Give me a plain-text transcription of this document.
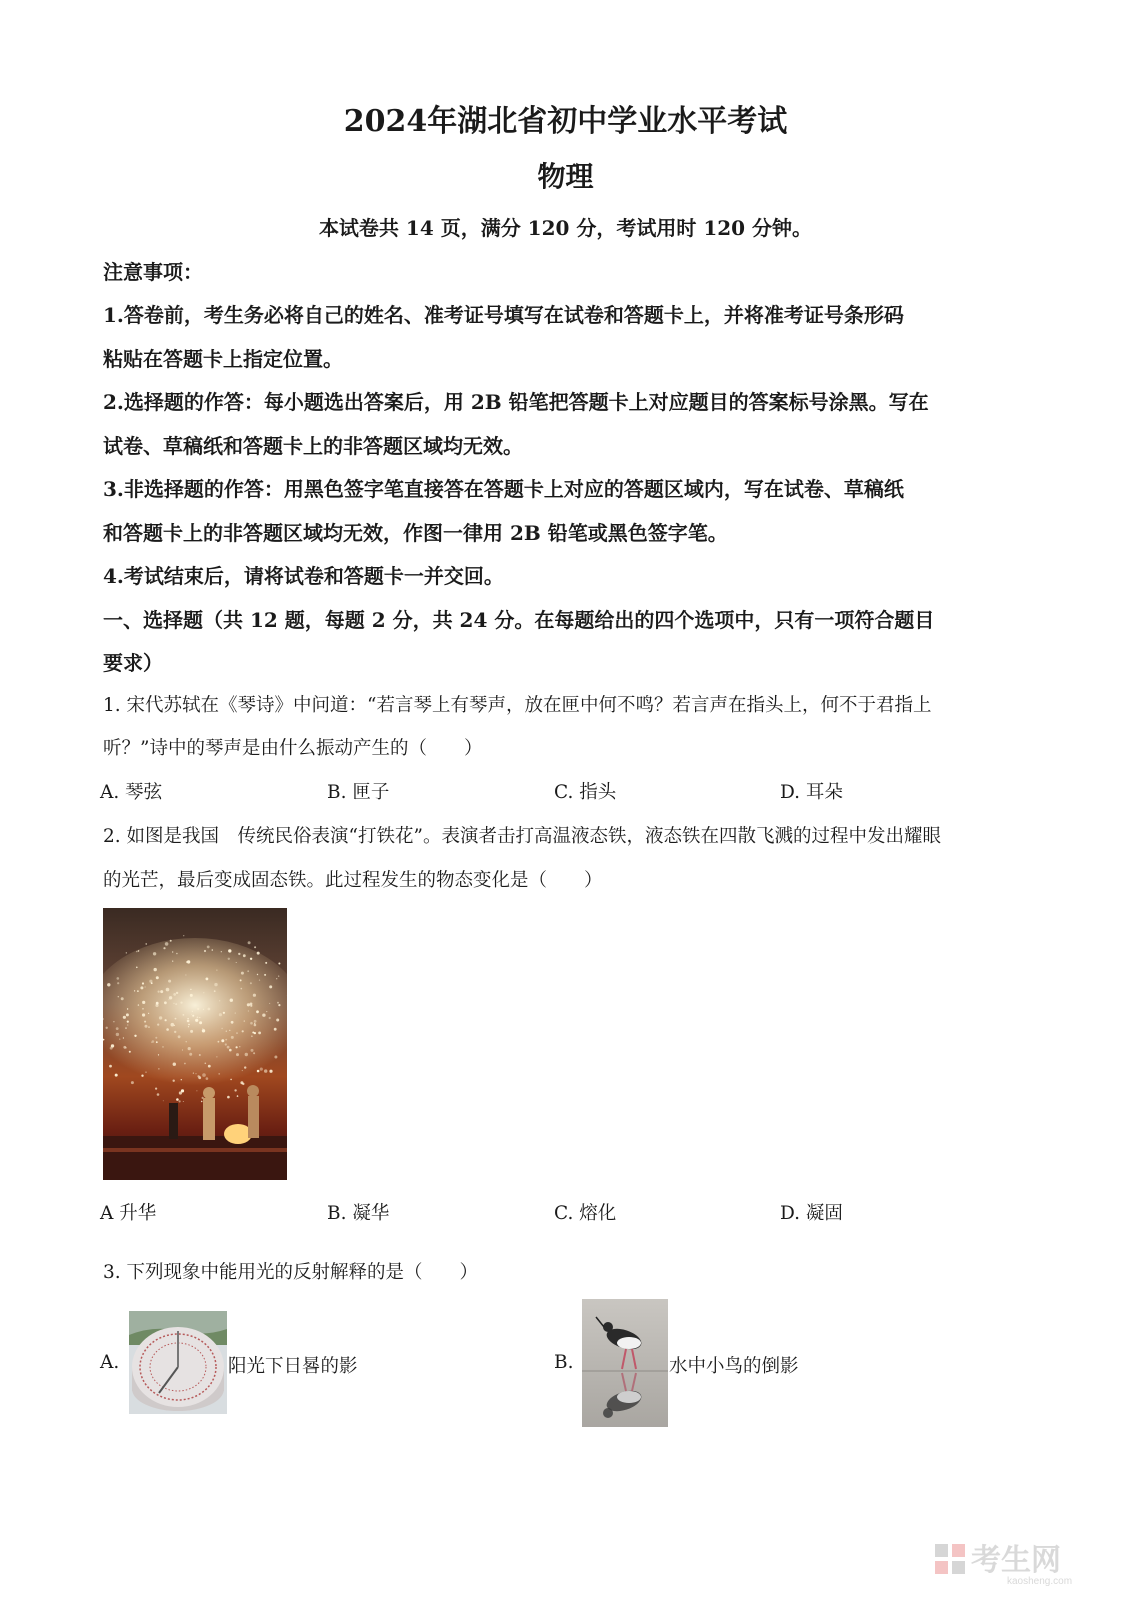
2024年湖北省初中学业水平考试
物理
本试卷共 14 页，满分 120 分，考试用时 120 分钟。
注意事项：
1.答卷前，考生务必将自己的姓名、准考证号填写在试卷和答题卡上，并将准考证号条形码
粘贴在答题卡上指定位置。
2.选择题的作答：每小题选出答案后，用 2B 铅笔把答题卡上对应题目的答案标号涂黑。写在
试卷、草稿纸和答题卡上的非答题区域均无效。
3.非选择题的作答：用黑色签字笔直接答在答题卡上对应的答题区域内，写在试卷、草稿纸
和答题卡上的非答题区域均无效，作图一律用 2B 铅笔或黑色签字笔。
4.考试结束后，请将试卷和答题卡一并交回。
一、选择题（共 12 题，每题 2 分，共 24 分。在每题给出的四个选项中，只有一项符合题目
要求）
1. 宋代苏轼在《琴诗》中问道：“若言琴上有琴声，放在匣中何不鸣？若言声在指头上，何不于君指上
听？”诗中的琴声是由什么振动产生的（　　）
A. 琴弦	B. 匣子	C. 指头	D. 耳朵
2. 如图是我国　传统民俗表演“打铁花”。表演者击打高温液态铁，液态铁在四散飞溅的过程中发出耀眼
的光芒，最后变成固态铁。此过程发生的物态变化是（　　）
A 升华	B. 凝华	C. 熔化	D. 凝固
3. 下列现象中能用光的反射解释的是（　　）
A.	阳光下日晷的影	B.	水中小鸟的倒影
考生网
kaosheng.com
